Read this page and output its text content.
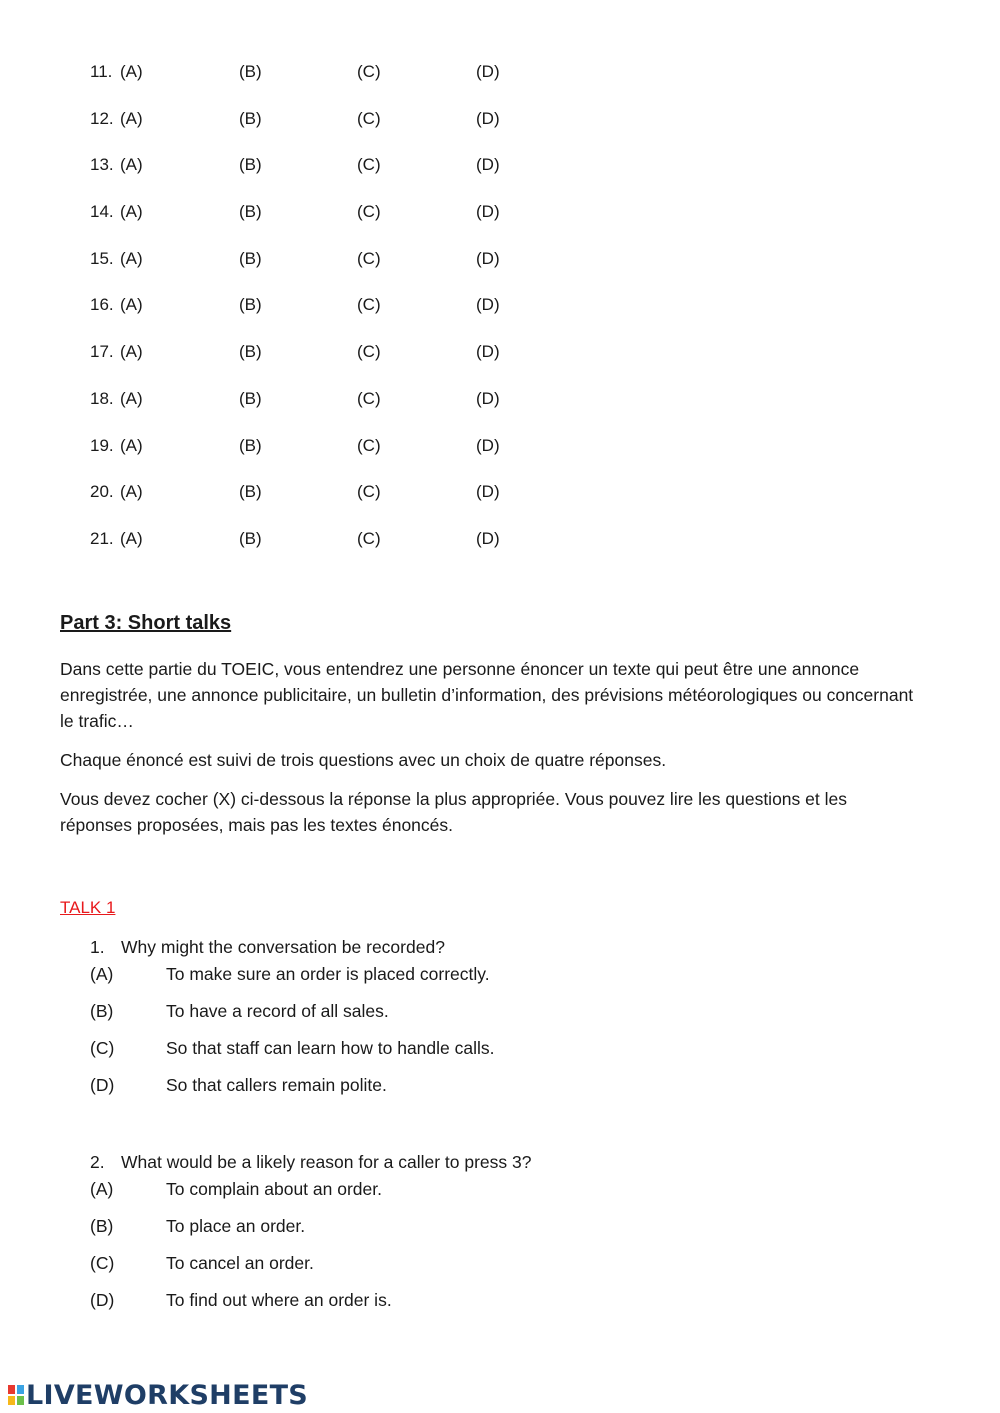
11. (A)	(B)	(C)	(D)
12. (A)	(B)	(C)	(D)
13. (A)	(B)	(C)	(D)
14. (A)	(B)	(C)	(D)
15. (A)	(B)	(C)	(D)
16. (A)	(B)	(C)	(D)
17. (A)	(B)	(C)	(D)
18. (A)	(B)	(C)	(D)
19. (A)	(B)	(C)	(D)
20. (A)	(B)	(C)	(D)
21. (A)	(B)	(C)	(D)
Part 3: Short talks

Dans cette partie du TOEIC, vous entendrez une personne énoncer un texte qui peut être une annonce enregistrée, une annonce publicitaire, un bulletin d’information, des prévisions météorologiques ou concernant le trafic…

Chaque énoncé est suivi de trois questions avec un choix de quatre réponses.

Vous devez cocher (X) ci-dessous la réponse la plus appropriée. Vous pouvez lire les questions et les réponses proposées, mais pas les textes énoncés.

TALK 1
1. Why might the conversation be recorded?
(A)	To make sure an order is placed correctly.
(B)	To have a record of all sales.
(C)	So that staff can learn how to handle calls.
(D)	So that callers remain polite.
2. What would be a likely reason for a caller to press 3?
(A)	To complain about an order.
(B)	To place an order.
(C)	To cancel an order.
(D)	To find out where an order is.
LIVEWORKSHEETS
